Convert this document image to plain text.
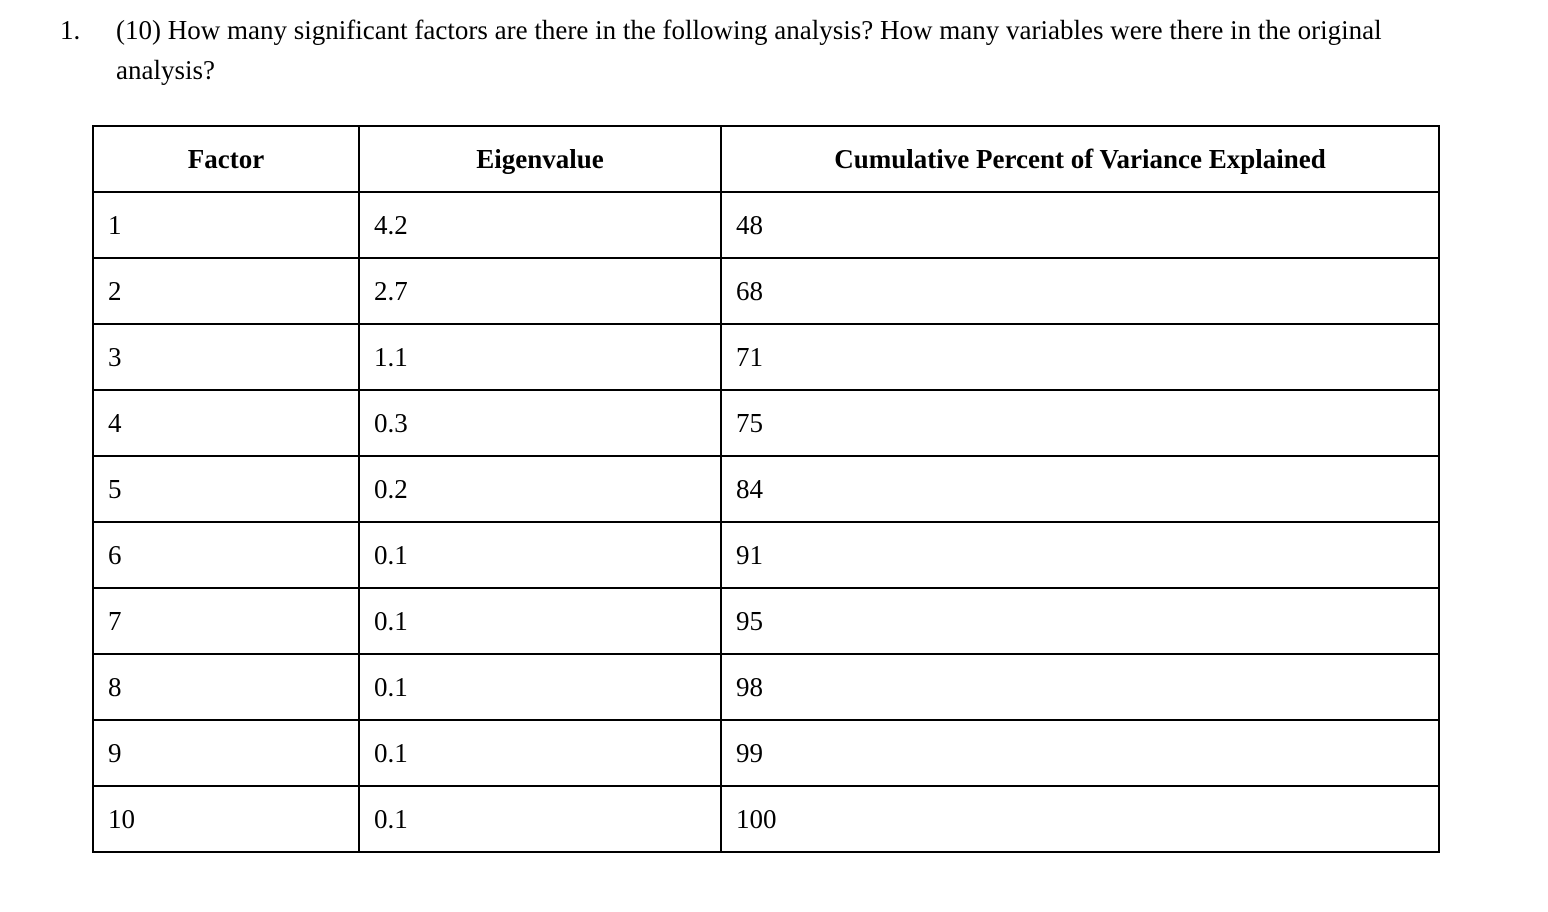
1. (10) How many significant factors are there in the following analysis? How many variables were there in the original analysis?
Factor	Eigenvalue	Cumulative Percent of Variance Explained
1	4.2	48
2	2.7	68
3	1.1	71
4	0.3	75
5	0.2	84
6	0.1	91
7	0.1	95
8	0.1	98
9	0.1	99
10	0.1	100
